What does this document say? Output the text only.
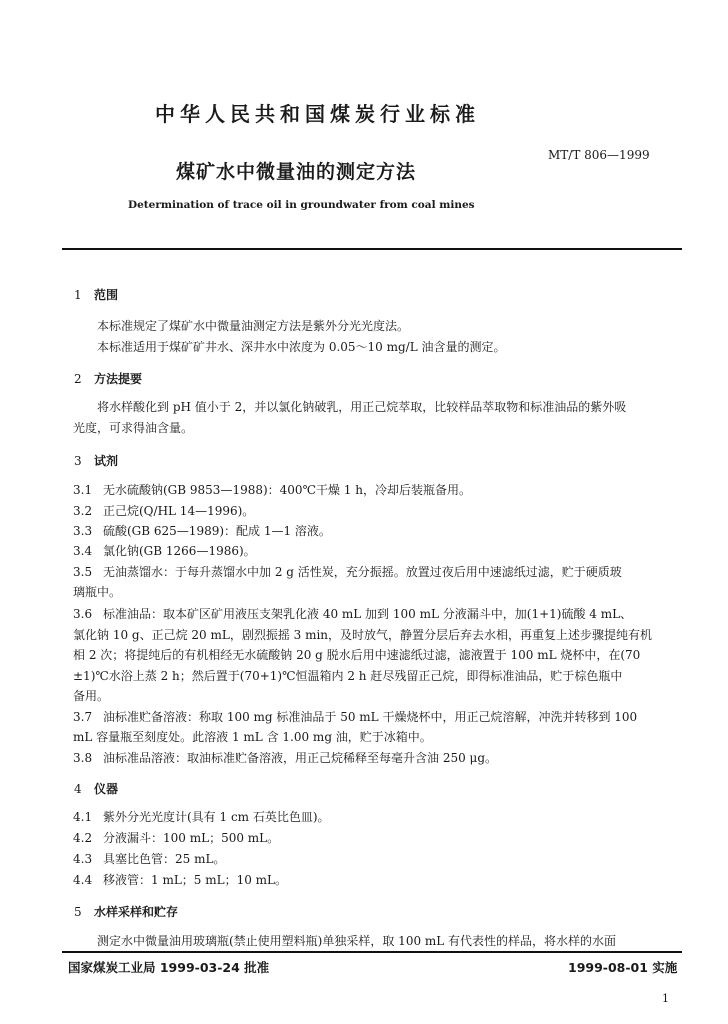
中华人民共和国煤炭行业标准
MT/T 806—1999
煤矿水中微量油的测定方法
Determination of trace oil in groundwater from coal mines
1 范围
本标准规定了煤矿水中微量油测定方法是紫外分光光度法。
本标准适用于煤矿矿井水、深井水中浓度为 0.05～10 mg/L 油含量的测定。
2 方法提要
将水样酸化到 pH 值小于 2，并以氯化钠破乳，用正己烷萃取，比较样品萃取物和标准油品的紫外吸
光度，可求得油含量。
3 试剂
3.1 无水硫酸钠(GB 9853—1988)：400℃干燥 1 h，冷却后装瓶备用。
3.2 正己烷(Q/HL 14—1996)。
3.3 硫酸(GB 625—1989)：配成 1—1 溶液。
3.4 氯化钠(GB 1266—1986)。
3.5 无油蒸馏水：于每升蒸馏水中加 2 g 活性炭，充分振摇。放置过夜后用中速滤纸过滤，贮于硬质玻
璃瓶中。
3.6 标准油品：取本矿区矿用液压支架乳化液 40 mL 加到 100 mL 分液漏斗中，加(1+1)硫酸 4 mL、
氯化钠 10 g、正己烷 20 mL，剧烈振摇 3 min，及时放气，静置分层后弃去水相，再重复上述步骤提纯有机
相 2 次；将提纯后的有机相经无水硫酸钠 20 g 脱水后用中速滤纸过滤，滤液置于 100 mL 烧杯中，在(70
±1)℃水浴上蒸 2 h；然后置于(70+1)℃恒温箱内 2 h 赶尽残留正己烷，即得标准油品，贮于棕色瓶中
备用。
3.7 油标准贮备溶液：称取 100 mg 标准油品于 50 mL 干燥烧杯中，用正己烷溶解，冲洗并转移到 100
mL 容量瓶至刻度处。此溶液 1 mL 含 1.00 mg 油，贮于冰箱中。
3.8 油标准品溶液：取油标准贮备溶液，用正己烷稀释至每毫升含油 250 μg。
4 仪器
4.1 紫外分光光度计(具有 1 cm 石英比色皿)。
4.2 分液漏斗：100 mL；500 mL。
4.3 具塞比色管：25 mL。
4.4 移液管：1 mL；5 mL；10 mL。
5 水样采样和贮存
测定水中微量油用玻璃瓶(禁止使用塑料瓶)单独采样，取 100 mL 有代表性的样品，将水样的水面
国家煤炭工业局 1999-03-24 批准	1999-08-01 实施
1
